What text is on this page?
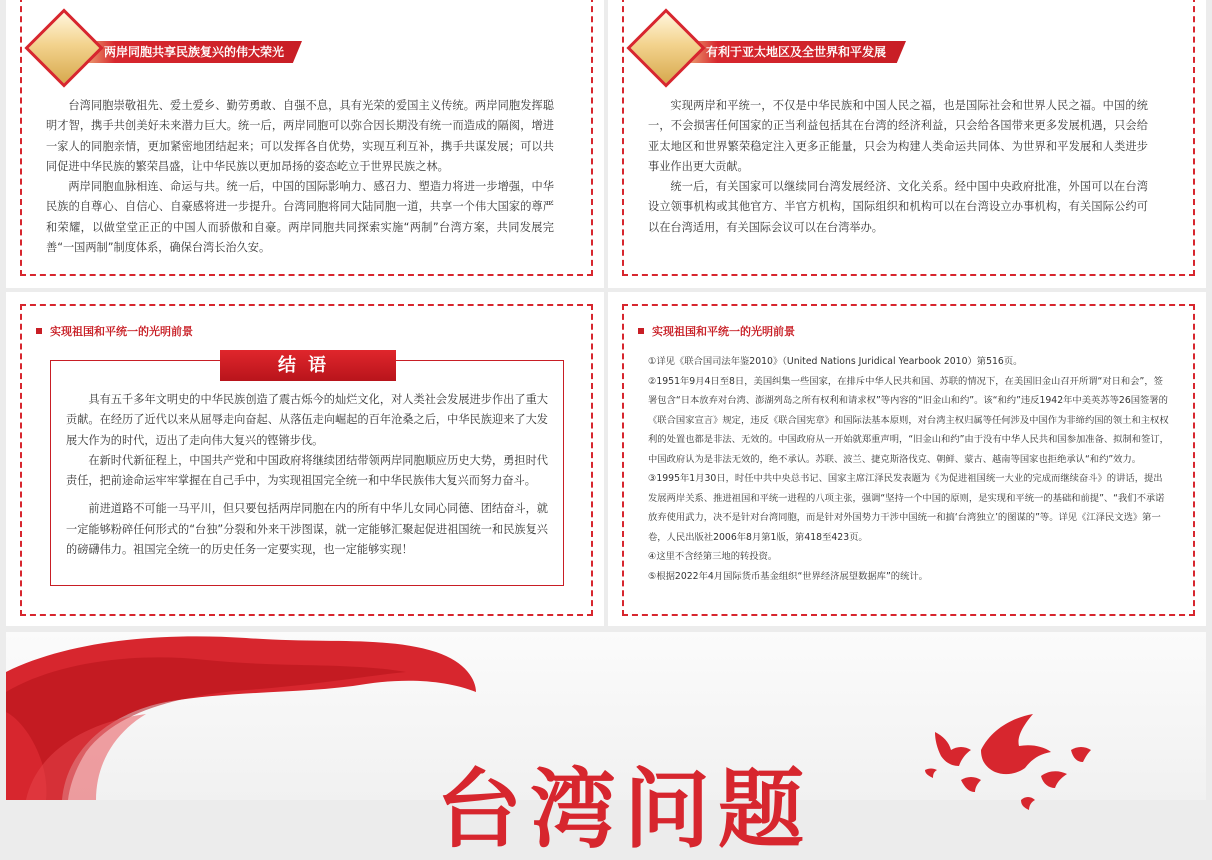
两岸同胞共享民族复兴的伟大荣光

台湾同胞崇敬祖先、爱土爱乡、勤劳勇敢、自强不息，具有光荣的爱国主义传统。两岸同胞发挥聪明才智，携手共创美好未来潜力巨大。统一后，两岸同胞可以弥合因长期没有统一而造成的隔阂，增进一家人的同胞亲情，更加紧密地团结起来；可以发挥各自优势，实现互利互补，携手共谋发展；可以共同促进中华民族的繁荣昌盛，让中华民族以更加昂扬的姿态屹立于世界民族之林。

两岸同胞血脉相连、命运与共。统一后，中国的国际影响力、感召力、塑造力将进一步增强，中华民族的自尊心、自信心、自豪感将进一步提升。台湾同胞将同大陆同胞一道，共享一个伟大国家的尊严和荣耀，以做堂堂正正的中国人而骄傲和自豪。两岸同胞共同探索实施“两制”台湾方案，共同发展完善“一国两制”制度体系，确保台湾长治久安。

有利于亚太地区及全世界和平发展

实现两岸和平统一，不仅是中华民族和中国人民之福，也是国际社会和世界人民之福。中国的统一，不会损害任何国家的正当利益包括其在台湾的经济利益，只会给各国带来更多发展机遇，只会给亚太地区和世界繁荣稳定注入更多正能量，只会为构建人类命运共同体、为世界和平发展和人类进步事业作出更大贡献。

统一后，有关国家可以继续同台湾发展经济、文化关系。经中国中央政府批准，外国可以在台湾设立领事机构或其他官方、半官方机构，国际组织和机构可以在台湾设立办事机构，有关国际公约可以在台湾适用，有关国际会议可以在台湾举办。

实现祖国和平统一的光明前景
结语

具有五千多年文明史的中华民族创造了震古烁今的灿烂文化，对人类社会发展进步作出了重大贡献。在经历了近代以来从屈辱走向奋起、从落伍走向崛起的百年沧桑之后，中华民族迎来了大发展大作为的时代，迈出了走向伟大复兴的铿锵步伐。

在新时代新征程上，中国共产党和中国政府将继续团结带领两岸同胞顺应历史大势，勇担时代责任，把前途命运牢牢掌握在自己手中，为实现祖国完全统一和中华民族伟大复兴而努力奋斗。

前进道路不可能一马平川，但只要包括两岸同胞在内的所有中华儿女同心同德、团结奋斗，就一定能够粉碎任何形式的“台独”分裂和外来干涉图谋，就一定能够汇聚起促进祖国统一和民族复兴的磅礴伟力。祖国完全统一的历史任务一定要实现，也一定能够实现！

实现祖国和平统一的光明前景

①详见《联合国司法年鉴2010》（United Nations Juridical Yearbook 2010）第516页。

②1951年9月4日至8日，美国纠集一些国家，在排斥中华人民共和国、苏联的情况下，在美国旧金山召开所谓“对日和会”，签署包含“日本放弃对台湾、澎湖列岛之所有权利和请求权”等内容的“旧金山和约”。该“和约”违反1942年中美英苏等26国签署的《联合国家宣言》规定，违反《联合国宪章》和国际法基本原则，对台湾主权归属等任何涉及中国作为非缔约国的领土和主权权利的处置也都是非法、无效的。中国政府从一开始就郑重声明，“旧金山和约”由于没有中华人民共和国参加准备、拟制和签订，中国政府认为是非法无效的，绝不承认。苏联、波兰、捷克斯洛伐克、朝鲜、蒙古、越南等国家也拒绝承认“和约”效力。

③1995年1月30日，时任中共中央总书记、国家主席江泽民发表题为《为促进祖国统一大业的完成而继续奋斗》的讲话，提出发展两岸关系、推进祖国和平统一进程的八项主张，强调“坚持一个中国的原则，是实现和平统一的基础和前提”、“我们不承诺放弃使用武力，决不是针对台湾同胞，而是针对外国势力干涉中国统一和搞‘台湾独立’的图谋的”等。详见《江泽民文选》第一卷，人民出版社2006年8月第1版，第418至423页。

④这里不含经第三地的转投资。

⑤根据2022年4月国际货币基金组织“世界经济展望数据库”的统计。

台湾问题
